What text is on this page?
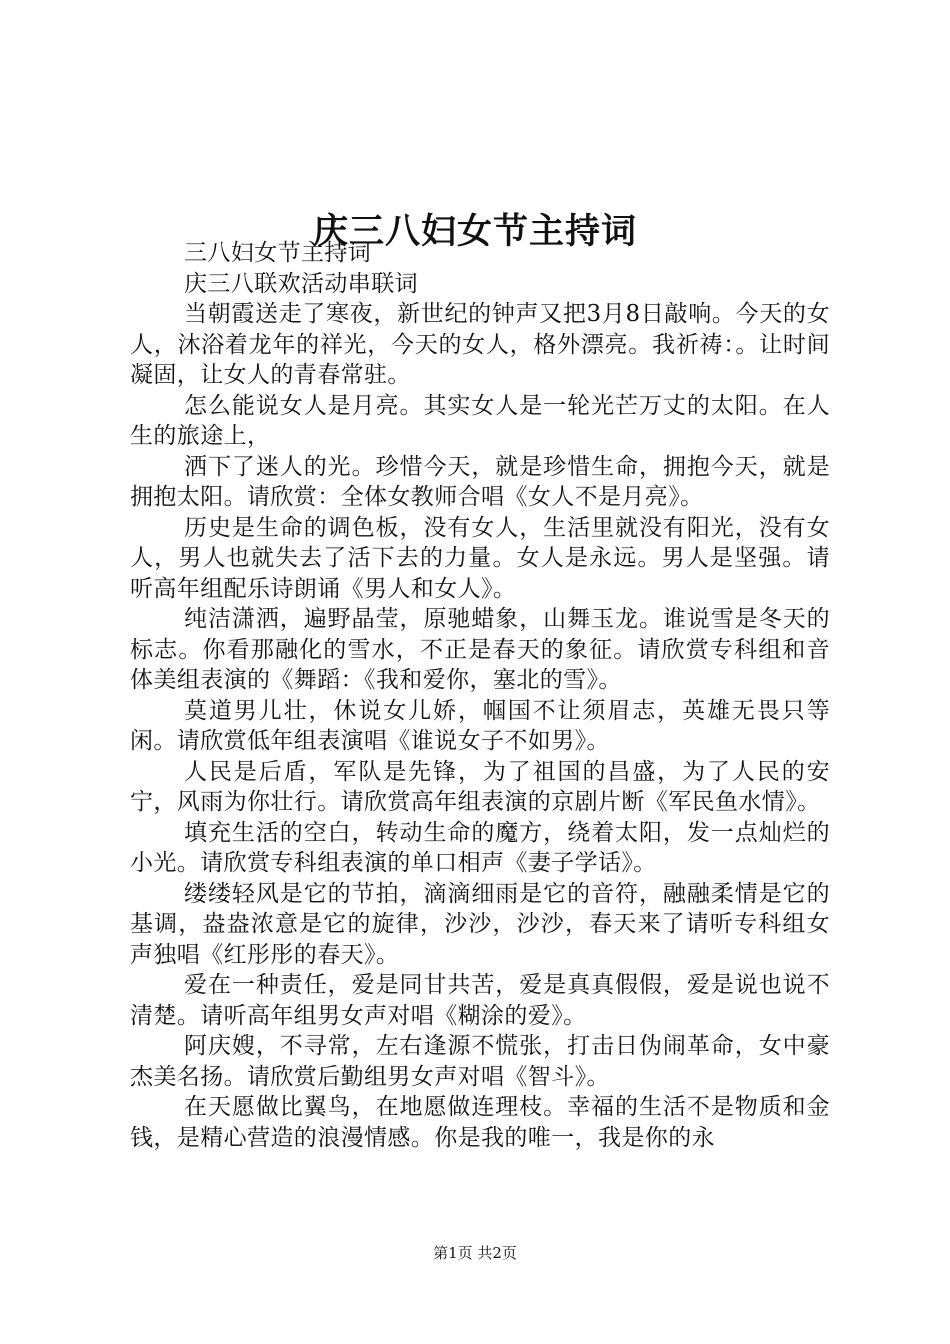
庆三八妇女节主持词

三八妇女节主持词

庆三八联欢活动串联词

当朝霞送走了寒夜，新世纪的钟声又把3月8日敲响。今天的女人，沐浴着龙年的祥光，今天的女人，格外漂亮。我祈祷：。让时间凝固，让女人的青春常驻。

怎么能说女人是月亮。其实女人是一轮光芒万丈的太阳。在人生的旅途上，

洒下了迷人的光。珍惜今天，就是珍惜生命，拥抱今天，就是拥抱太阳。请欣赏：全体女教师合唱《女人不是月亮》。

历史是生命的调色板，没有女人，生活里就没有阳光，没有女人，男人也就失去了活下去的力量。女人是永远。男人是坚强。请听高年组配乐诗朗诵《男人和女人》。

纯洁潇洒，遍野晶莹，原驰蜡象，山舞玉龙。谁说雪是冬天的标志。你看那融化的雪水，不正是春天的象征。请欣赏专科组和音体美组表演的《舞蹈：《我和爱你，塞北的雪》。

莫道男儿壮，休说女儿娇，帼国不让须眉志，英雄无畏只等闲。请欣赏低年组表演唱《谁说女子不如男》。

人民是后盾，军队是先锋，为了祖国的昌盛，为了人民的安宁，风雨为你壮行。请欣赏高年组表演的京剧片断《军民鱼水情》。

填充生活的空白，转动生命的魔方，绕着太阳，发一点灿烂的小光。请欣赏专科组表演的单口相声《妻子学话》。

缕缕轻风是它的节拍，滴滴细雨是它的音符，融融柔情是它的基调，盎盎浓意是它的旋律，沙沙，沙沙，春天来了请听专科组女声独唱《红彤彤的春天》。

爱在一种责任，爱是同甘共苦，爱是真真假假，爱是说也说不清楚。请听高年组男女声对唱《糊涂的爱》。

阿庆嫂，不寻常，左右逢源不慌张，打击日伪闹革命，女中豪杰美名扬。请欣赏后勤组男女声对唱《智斗》。

在天愿做比翼鸟，在地愿做连理枝。幸福的生活不是物质和金钱，是精心营造的浪漫情感。你是我的唯一，我是你的永

第1页 共2页
